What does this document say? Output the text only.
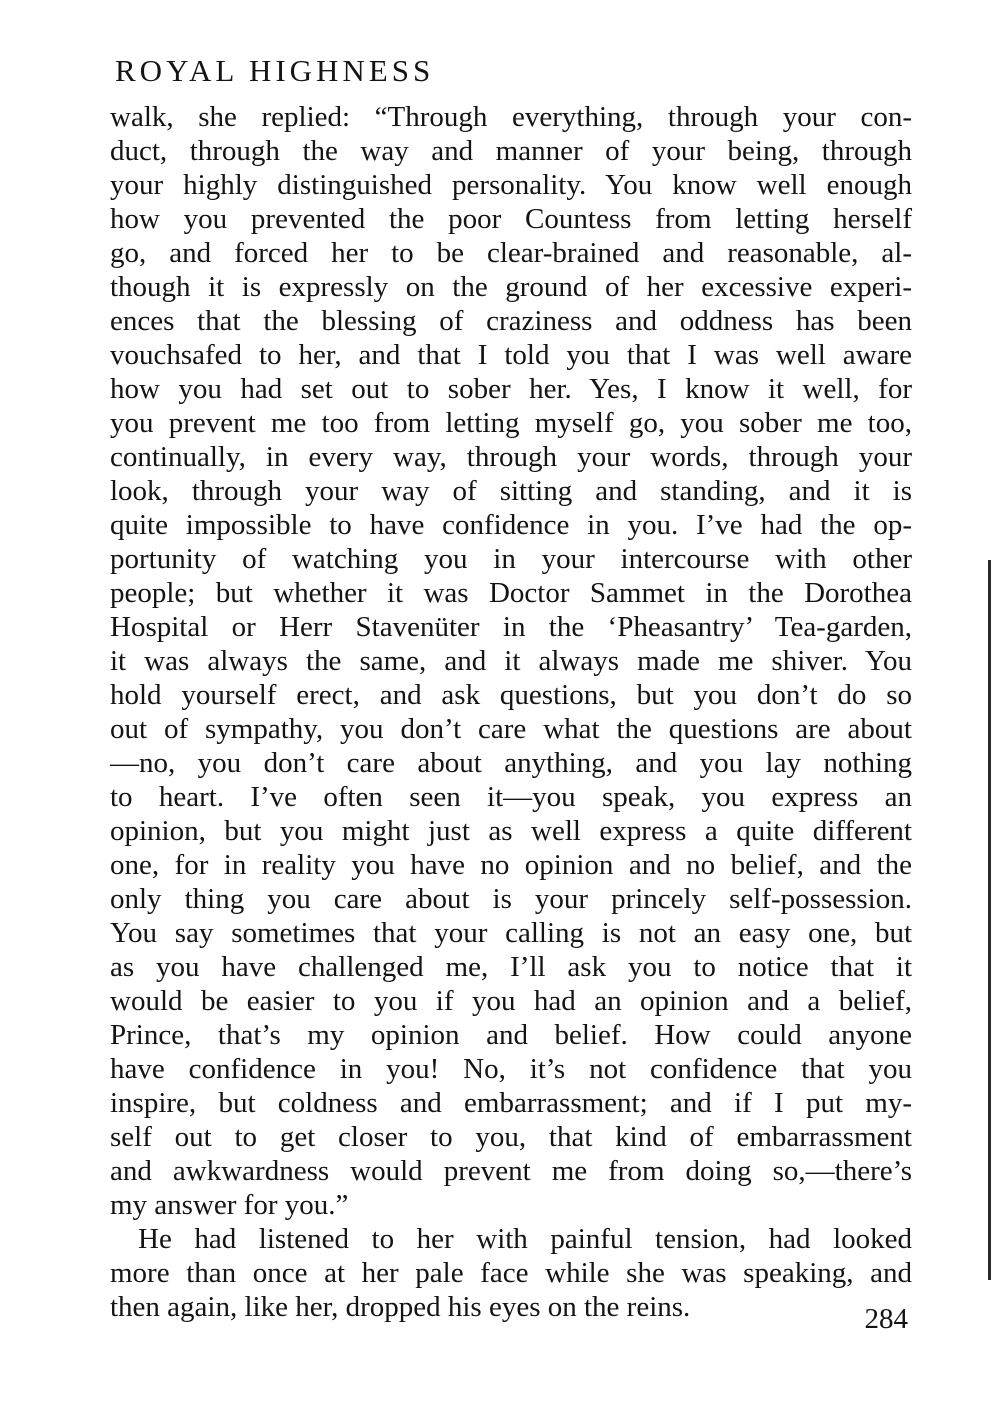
ROYAL HIGHNESS
walk, she replied: “Through everything, through your con-
duct, through the way and manner of your being, through
your highly distinguished personality. You know well enough
how you prevented the poor Countess from letting herself
go, and forced her to be clear-brained and reasonable, al-
though it is expressly on the ground of her excessive experi-
ences that the blessing of craziness and oddness has been
vouchsafed to her, and that I told you that I was well aware
how you had set out to sober her. Yes, I know it well, for
you prevent me too from letting myself go, you sober me too,
continually, in every way, through your words, through your
look, through your way of sitting and standing, and it is
quite impossible to have confidence in you. I’ve had the op-
portunity of watching you in your intercourse with other
people; but whether it was Doctor Sammet in the Dorothea
Hospital or Herr Stavenüter in the ‘Pheasantry’ Tea-garden,
it was always the same, and it always made me shiver. You
hold yourself erect, and ask questions, but you don’t do so
out of sympathy, you don’t care what the questions are about
—no, you don’t care about anything, and you lay nothing
to heart. I’ve often seen it—you speak, you express an
opinion, but you might just as well express a quite different
one, for in reality you have no opinion and no belief, and the
only thing you care about is your princely self-possession.
You say sometimes that your calling is not an easy one, but
as you have challenged me, I’ll ask you to notice that it
would be easier to you if you had an opinion and a belief,
Prince, that’s my opinion and belief. How could anyone
have confidence in you! No, it’s not confidence that you
inspire, but coldness and embarrassment; and if I put my-
self out to get closer to you, that kind of embarrassment
and awkwardness would prevent me from doing so,—there’s
my answer for you.”
He had listened to her with painful tension, had looked
more than once at her pale face while she was speaking, and
then again, like her, dropped his eyes on the reins.	284
